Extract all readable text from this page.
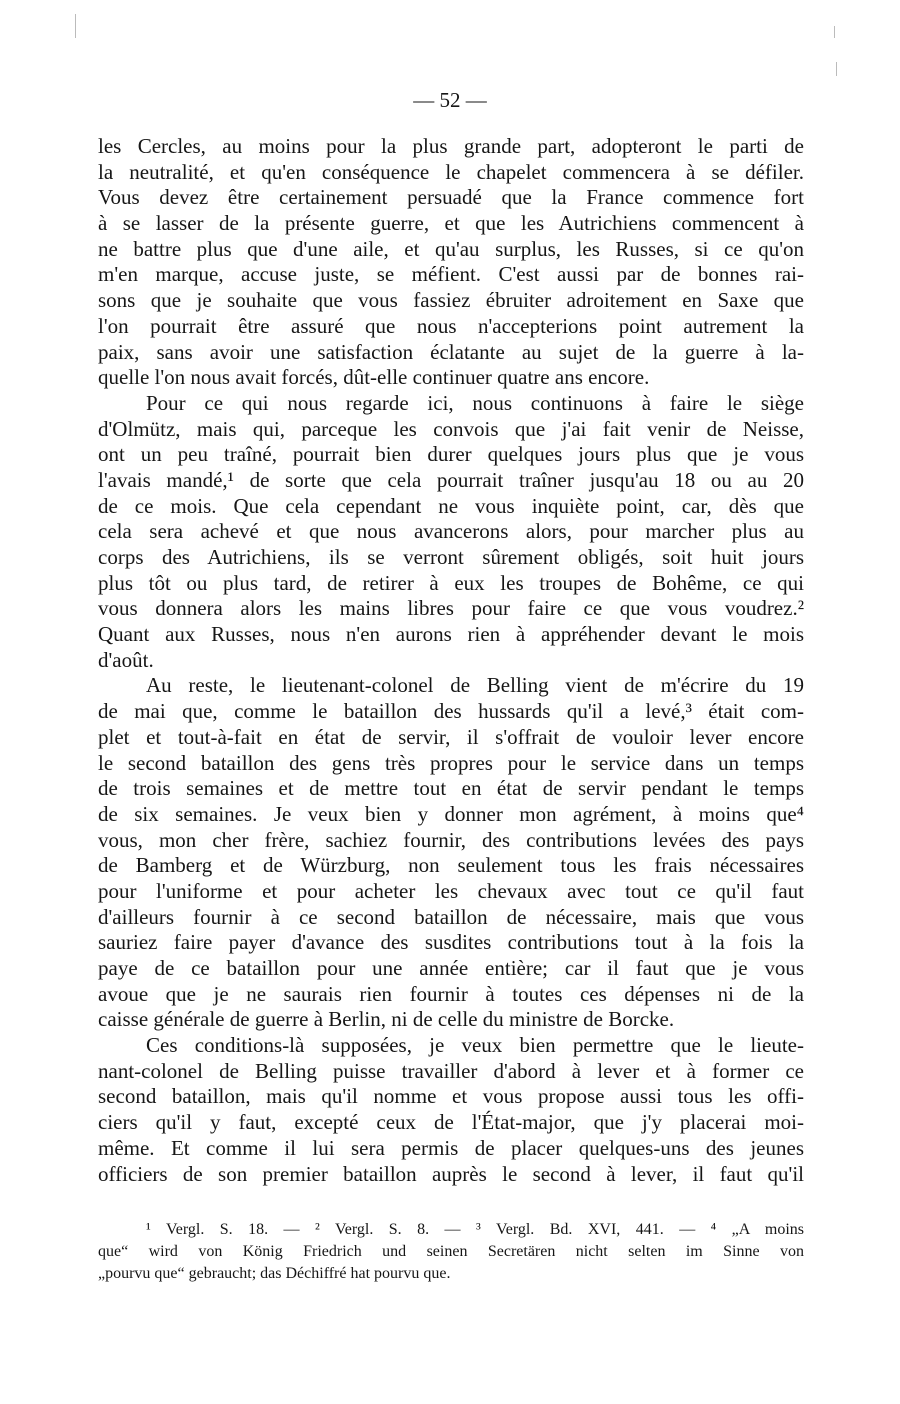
— 52 —
les Cercles, au moins pour la plus grande part, adopteront le parti de
la neutralité, et qu'en conséquence le chapelet commencera à se défiler.
Vous devez être certainement persuadé que la France commence fort
à se lasser de la présente guerre, et que les Autrichiens commencent à
ne battre plus que d'une aile, et qu'au surplus, les Russes, si ce qu'on
m'en marque, accuse juste, se méfient. C'est aussi par de bonnes rai-
sons que je souhaite que vous fassiez ébruiter adroitement en Saxe que
l'on pourrait être assuré que nous n'accepterions point autrement la
paix, sans avoir une satisfaction éclatante au sujet de la guerre à la-
quelle l'on nous avait forcés, dût-elle continuer quatre ans encore.
Pour ce qui nous regarde ici, nous continuons à faire le siège
d'Olmütz, mais qui, parceque les convois que j'ai fait venir de Neisse,
ont un peu traîné, pourrait bien durer quelques jours plus que je vous
l'avais mandé,¹ de sorte que cela pourrait traîner jusqu'au 18 ou au 20
de ce mois. Que cela cependant ne vous inquiète point, car, dès que
cela sera achevé et que nous avancerons alors, pour marcher plus au
corps des Autrichiens, ils se verront sûrement obligés, soit huit jours
plus tôt ou plus tard, de retirer à eux les troupes de Bohême, ce qui
vous donnera alors les mains libres pour faire ce que vous voudrez.²
Quant aux Russes, nous n'en aurons rien à appréhender devant le mois
d'août.
Au reste, le lieutenant-colonel de Belling vient de m'écrire du 19
de mai que, comme le bataillon des hussards qu'il a levé,³ était com-
plet et tout-à-fait en état de servir, il s'offrait de vouloir lever encore
le second bataillon des gens très propres pour le service dans un temps
de trois semaines et de mettre tout en état de servir pendant le temps
de six semaines. Je veux bien y donner mon agrément, à moins que⁴
vous, mon cher frère, sachiez fournir, des contributions levées des pays
de Bamberg et de Würzburg, non seulement tous les frais nécessaires
pour l'uniforme et pour acheter les chevaux avec tout ce qu'il faut
d'ailleurs fournir à ce second bataillon de nécessaire, mais que vous
sauriez faire payer d'avance des susdites contributions tout à la fois la
paye de ce bataillon pour une année entière; car il faut que je vous
avoue que je ne saurais rien fournir à toutes ces dépenses ni de la
caisse générale de guerre à Berlin, ni de celle du ministre de Borcke.
Ces conditions-là supposées, je veux bien permettre que le lieute-
nant-colonel de Belling puisse travailler d'abord à lever et à former ce
second bataillon, mais qu'il nomme et vous propose aussi tous les offi-
ciers qu'il y faut, excepté ceux de l'État-major, que j'y placerai moi-
même. Et comme il lui sera permis de placer quelques-uns des jeunes
officiers de son premier bataillon auprès le second à lever, il faut qu'il
¹ Vergl. S. 18. — ² Vergl. S. 8. — ³ Vergl. Bd. XVI, 441. — ⁴ „A moins
que“ wird von König Friedrich und seinen Secretären nicht selten im Sinne von
„pourvu que“ gebraucht; das Déchiffré hat pourvu que.
